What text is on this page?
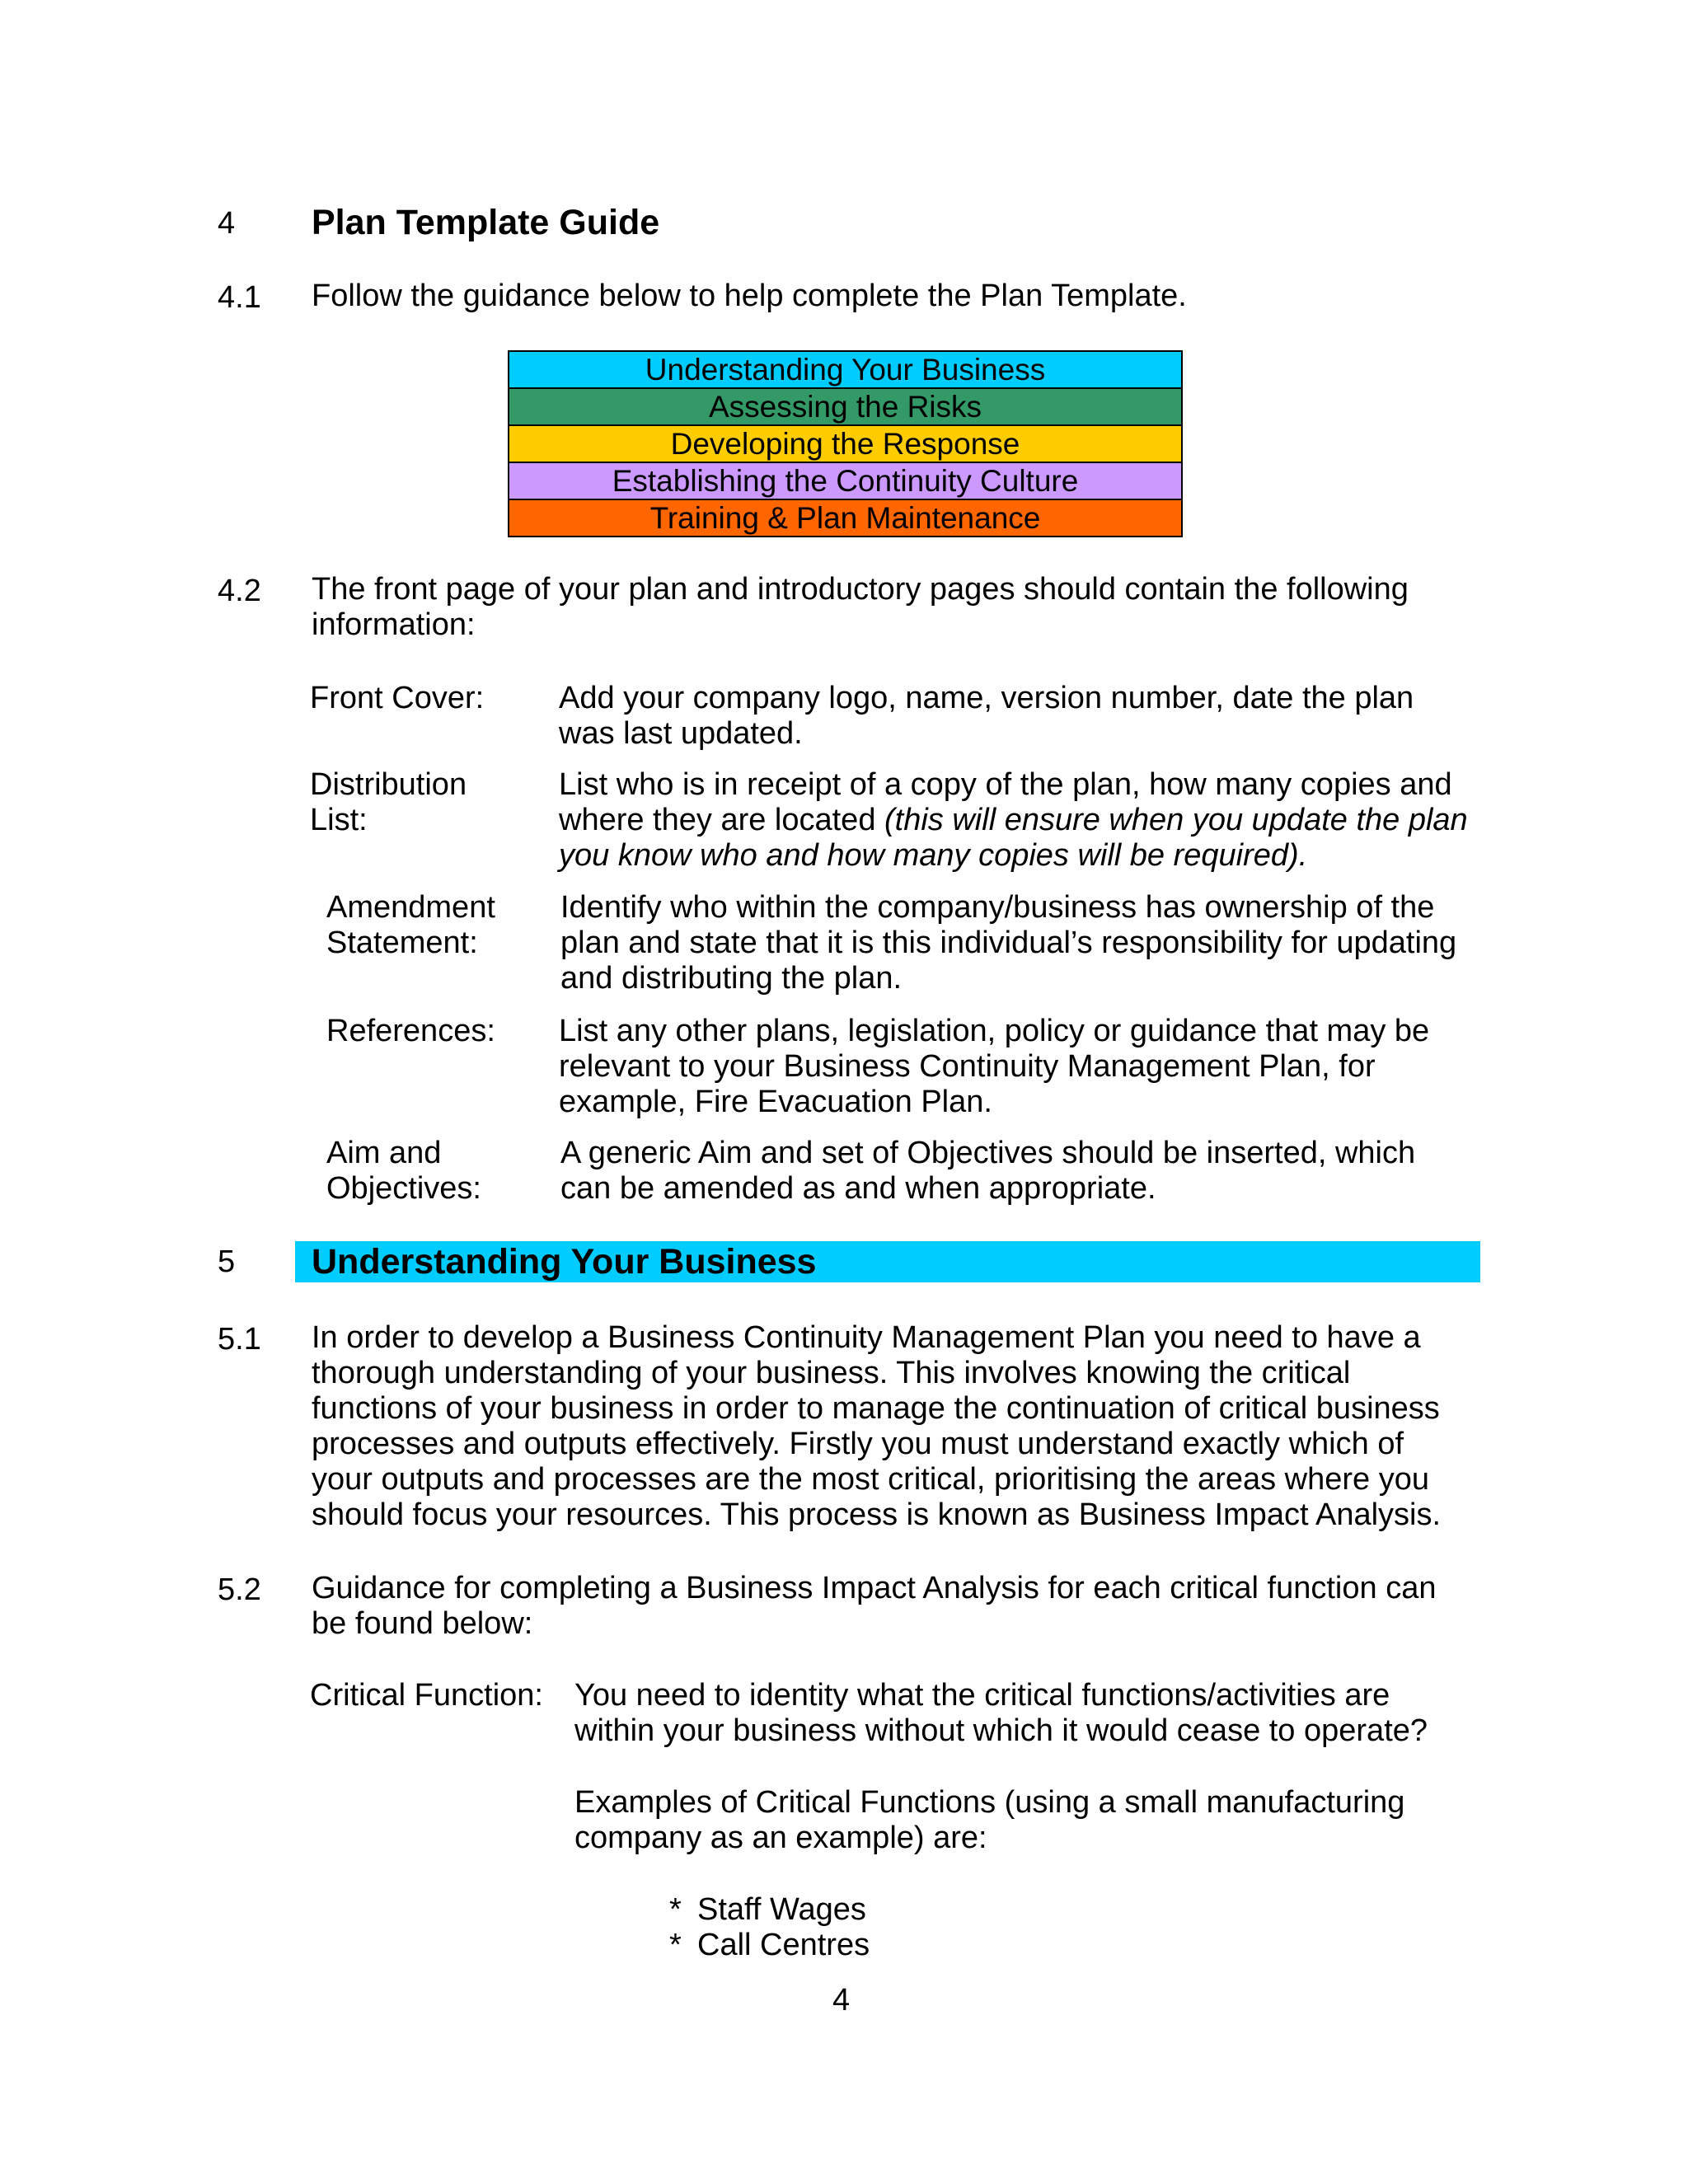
4 Plan Template Guide
4.1 Follow the guidance below to help complete the Plan Template.
Understanding Your Business
Assessing the Risks
Developing the Response
Establishing the Continuity Culture
Training & Plan Maintenance
4.2 The front page of your plan and introductory pages should contain the following
information:
Front Cover: Add your company logo, name, version number, date the plan
was last updated.
Distribution
List:
List who is in receipt of a copy of the plan, how many copies and
where they are located (this will ensure when you update the plan
you know who and how many copies will be required).
Amendment
Statement:
Identify who within the company/business has ownership of the
plan and state that it is this individual’s responsibility for updating
and distributing the plan.
References: List any other plans, legislation, policy or guidance that may be
relevant to your Business Continuity Management Plan, for
example, Fire Evacuation Plan.
Aim and
Objectives:
A generic Aim and set of Objectives should be inserted, which
can be amended as and when appropriate.
5 Understanding Your Business
5.1 In order to develop a Business Continuity Management Plan you need to have a
thorough understanding of your business. This involves knowing the critical
functions of your business in order to manage the continuation of critical business
processes and outputs effectively. Firstly you must understand exactly which of
your outputs and processes are the most critical, prioritising the areas where you
should focus your resources. This process is known as Business Impact Analysis.
5.2 Guidance for completing a Business Impact Analysis for each critical function can
be found below:
Critical Function: You need to identity what the critical functions/activities are
within your business without which it would cease to operate?
Examples of Critical Functions (using a small manufacturing
company as an example) are:
* Staff Wages
* Call Centres
4
